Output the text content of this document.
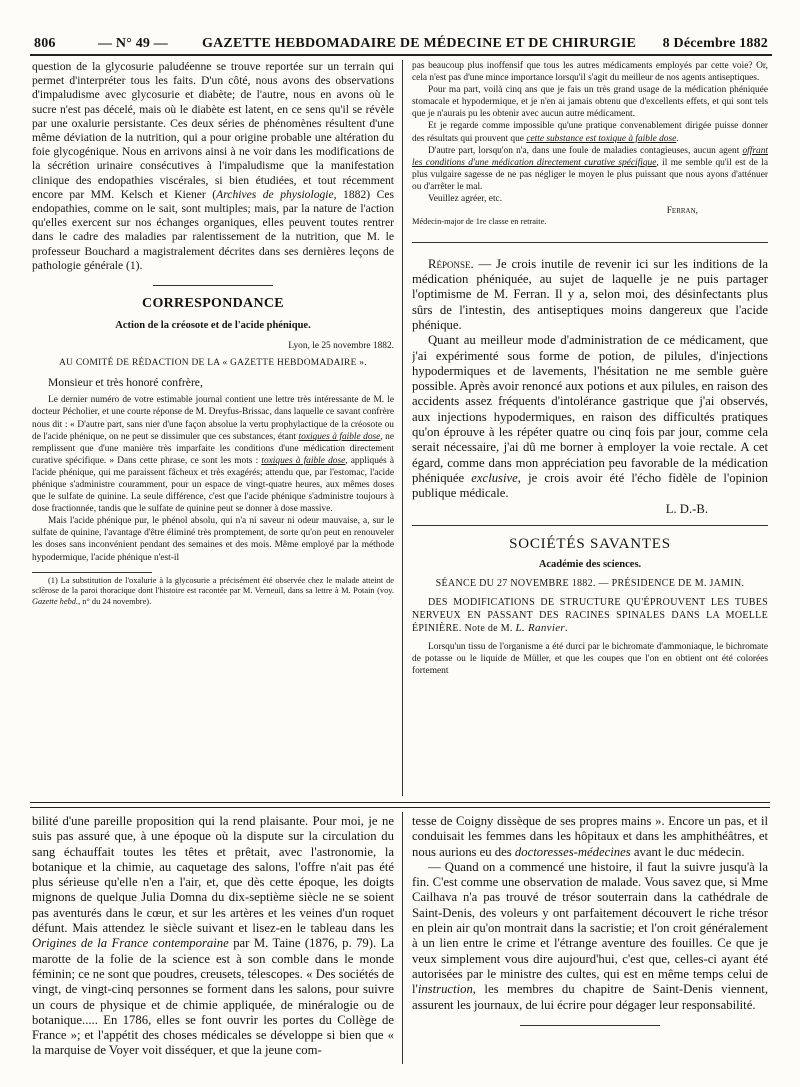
806	— N° 49 — GAZETTE HEBDOMADAIRE DE MÉDECINE ET DE CHIRURGIE 8 Décembre 1882

question de la glycosurie paludéenne se trouve reportée sur un terrain qui permet d'interpréter tous les faits. D'un côté, nous avons des observations d'impaludisme avec glycosurie et diabète; de l'autre, nous en avons où le sucre n'est pas décelé, mais où le diabète est latent, en ce sens qu'il se révèle par une oxalurie persistante. Ces deux séries de phénomènes résultent d'une même déviation de la nutrition, qui a pour origine probable une altération du foie glycogénique. Nous en arrivons ainsi à ne voir dans les modifications de la sécrétion urinaire consécutives à l'impaludisme que la manifestation clinique des endopathies viscérales, si bien étudiées, et tout récemment encore par MM. Kelsch et Kiener (Archives de physiologie, 1882) Ces endopathies, comme on le sait, sont multiples; mais, par la nature de l'action qu'elles exercent sur nos échanges organiques, elles peuvent toutes rentrer dans le cadre des maladies par ralentissement de la nutrition, que M. le professeur Bouchard a magistralement décrites dans ses dernières leçons de pathologie générale (1).

CORRESPONDANCE
Action de la créosote et de l'acide phénique.

Lyon, le 25 novembre 1882.

AU COMITÉ DE RÉDACTION DE LA « GAZETTE HEBDOMADAIRE ».

Monsieur et très honoré confrère,

Le dernier numéro de votre estimable journal contient une lettre très intéressante de M. le docteur Pécholier, et une courte réponse de M. Dreyfus-Brissac, dans laquelle ce savant confrère nous dit : « D'autre part, sans nier d'une façon absolue la vertu prophylactique de la créosote ou de l'acide phénique, on ne peut se dissimuler que ces substances, étant toxiques à faible dose, ne remplissent que d'une manière très imparfaite les conditions d'une médication directement curative spécifique. » Dans cette phrase, ce sont les mots : toxiques à faible dose, appliqués à l'acide phénique, qui me paraissent fâcheux et très exagérés; attendu que, par l'estomac, l'acide phénique s'administre couramment, pour un espace de vingt-quatre heures, aux mêmes doses que le sulfate de quinine. La seule différence, c'est que l'acide phénique s'administre toujours à dose fractionnée, tandis que le sulfate de quinine peut se donner à dose massive.

Mais l'acide phénique pur, le phénol absolu, qui n'a ni saveur ni odeur mauvaise, a, sur le sulfate de quinine, l'avantage d'être éliminé très promptement, de sorte qu'on peut en renouveler les doses sans inconvénient pendant des semaines et des mois. Même employé par la méthode hypodermique, l'acide phénique n'est-il

(1) La substitution de l'oxalurie à la glycosurie a précisément été observée chez le malade atteint de sclérose de la paroi thoracique dont l'histoire est racontée par M. Verneuil, dans sa lettre à M. Potain (voy. Gazette hebd., n° du 24 novembre).

pas beaucoup plus inoffensif que tous les autres médicaments employés par cette voie? Or, cela n'est pas d'une mince importance lorsqu'il s'agit du meilleur de nos agents antiseptiques.

Pour ma part, voilà cinq ans que je fais un très grand usage de la médication phéniquée stomacale et hypodermique, et je n'en ai jamais obtenu que d'excellents effets, et qui sont tels que je n'aurais pu les obtenir avec aucun autre médicament.

Et je regarde comme impossible qu'une pratique convenablement dirigée puisse donner des résultats qui prouvent que cette substance est toxique à faible dose.

D'autre part, lorsqu'on n'a, dans une foule de maladies contagieuses, aucun agent offrant les conditions d'une médication directement curative spécifique, il me semble qu'il est de la plus vulgaire sagesse de ne pas négliger le moyen le plus puissant que nous ayons d'atténuer ou d'arrêter le mal.

Veuillez agréer, etc.

Ferran,

Médecin-major de 1re classe en retraite.

Réponse. — Je crois inutile de revenir ici sur les inditions de la médication phéniquée, au sujet de laquelle je ne puis partager l'optimisme de M. Ferran. Il y a, selon moi, des désinfectants plus sûrs de l'intestin, des antiseptiques moins dangereux que l'acide phénique.

Quant au meilleur mode d'administration de ce médicament, que j'ai expérimenté sous forme de potion, de pilules, d'injections hypodermiques et de lavements, l'hésitation ne me semble guère possible. Après avoir renoncé aux potions et aux pilules, en raison des accidents assez fréquents d'intolérance gastrique que j'ai observés, aux injections hypodermiques, en raison des difficultés pratiques qu'on éprouve à les répéter quatre ou cinq fois par jour, comme cela serait nécessaire, j'ai dû me borner à employer la voie rectale. A cet égard, comme dans mon appréciation peu favorable de la médication phéniquée exclusive, je crois avoir été l'écho fidèle de l'opinion publique médicale.

L. D.-B.

SOCIÉTÉS SAVANTES
Académie des sciences.

SÉANCE DU 27 NOVEMBRE 1882. — PRÉSIDENCE DE M. JAMIN.

DES MODIFICATIONS DE STRUCTURE QU'ÉPROUVENT LES TUBES NERVEUX EN PASSANT DES RACINES SPINALES DANS LA MOELLE ÉPINIÈRE. Note de M. L. Ranvier.

Lorsqu'un tissu de l'organisme a été durci par le bichromate d'ammoniaque, le bichromate de potasse ou le liquide de Müller, et que les coupes que l'on en obtient ont été colorées fortement

bilité d'une pareille proposition qui la rend plaisante. Pour moi, je ne suis pas assuré que, à une époque où la dispute sur la circulation du sang échauffait toutes les têtes et prêtait, avec l'astronomie, la botanique et la chimie, au caquetage des salons, l'offre n'ait pas été plus sérieuse qu'elle n'en a l'air, et, que dès cette époque, les doigts mignons de quelque Julia Domna du dix-septième siècle ne se soient pas aventurés dans le cœur, et sur les artères et les veines d'un roquet défunt. Mais attendez le siècle suivant et lisez-en le tableau dans les Origines de la France contemporaine par M. Taine (1876, p. 79). La marotte de la folie de la science est à son comble dans le monde féminin; ce ne sont que poudres, creusets, télescopes. « Des sociétés de vingt, de vingt-cinq personnes se forment dans les salons, pour suivre un cours de physique et de chimie appliquée, de minéralogie ou de botanique..... En 1786, elles se font ouvrir les portes du Collège de France »; et l'appétit des choses médicales se développe si bien que « la marquise de Voyer voit disséquer, et que la jeune com-

tesse de Coigny dissèque de ses propres mains ». Encore un pas, et il conduisait les femmes dans les hôpitaux et dans les amphithéâtres, et nous aurions eu des doctoresses-médecines avant le duc médecin.

— Quand on a commencé une histoire, il faut la suivre jusqu'à la fin. C'est comme une observation de malade. Vous savez que, si Mme Cailhava n'a pas trouvé de trésor souterrain dans la cathédrale de Saint-Denis, des voleurs y ont parfaitement découvert le riche trésor en plein air qu'on montrait dans la sacristie; et l'on croit généralement à un lien entre le crime et l'étrange aventure des fouilles. Ce que je veux simplement vous dire aujourd'hui, c'est que, celles-ci ayant été autorisées par le ministre des cultes, qui est en même temps celui de l'instruction, les membres du chapitre de Saint-Denis viennent, assurent les journaux, de lui écrire pour dégager leur responsabilité.
